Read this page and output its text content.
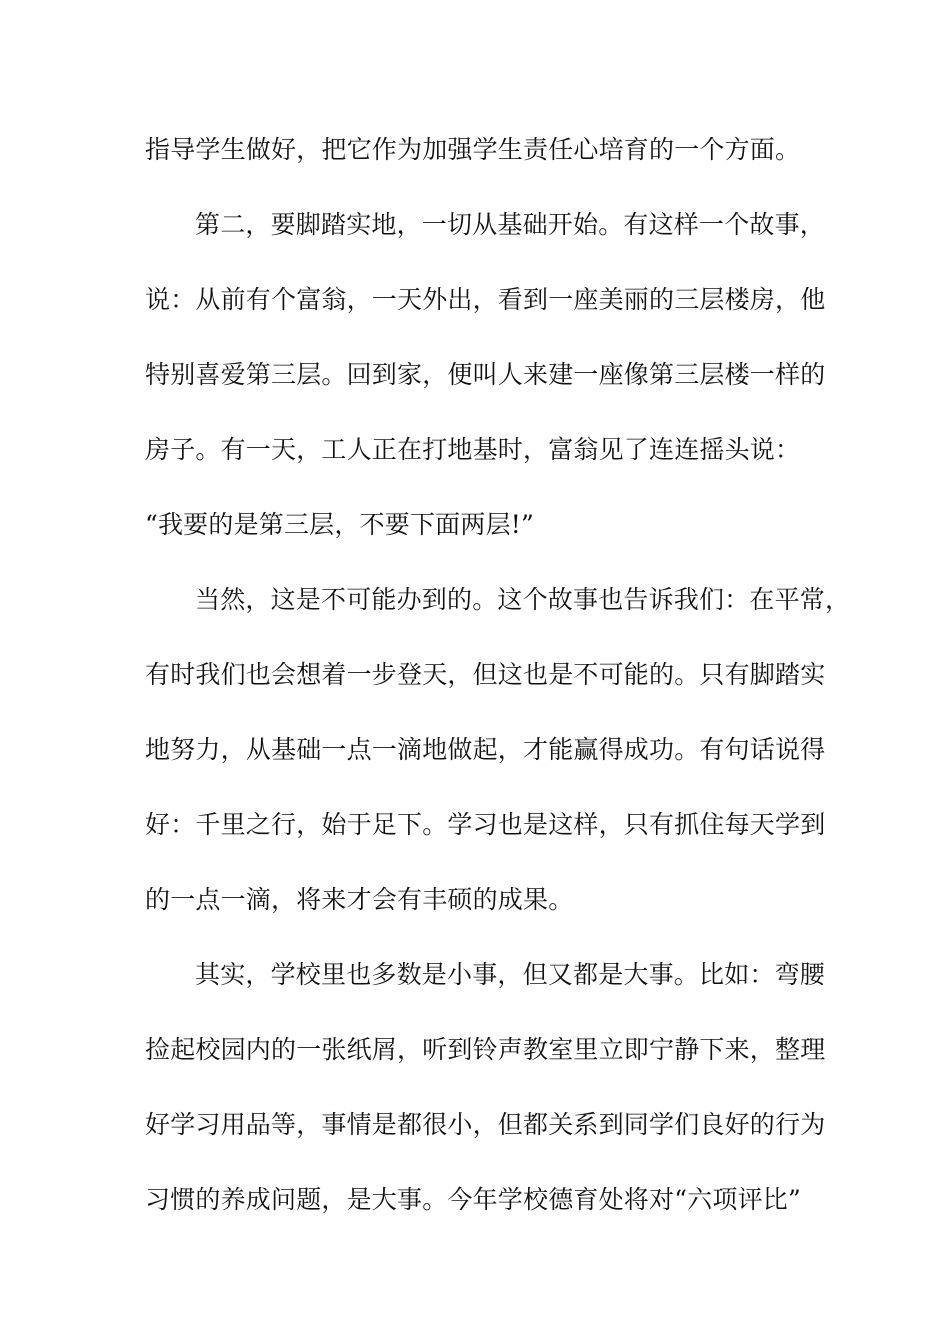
指导学生做好，把它作为加强学生责任心培育的一个方面。
第二，要脚踏实地，一切从基础开始。有这样一个故事，
说：从前有个富翁，一天外出，看到一座美丽的三层楼房，他
特别喜爱第三层。回到家，便叫人来建一座像第三层楼一样的
房子。有一天，工人正在打地基时，富翁见了连连摇头说：
“我要的是第三层，不要下面两层!”
当然，这是不可能办到的。这个故事也告诉我们：在平常，
有时我们也会想着一步登天，但这也是不可能的。只有脚踏实
地努力，从基础一点一滴地做起，才能赢得成功。有句话说得
好：千里之行，始于足下。学习也是这样，只有抓住每天学到
的一点一滴，将来才会有丰硕的成果。
其实，学校里也多数是小事，但又都是大事。比如：弯腰
捡起校园内的一张纸屑，听到铃声教室里立即宁静下来，整理
好学习用品等，事情是都很小，但都关系到同学们良好的行为
习惯的养成问题，是大事。今年学校德育处将对“六项评比”
